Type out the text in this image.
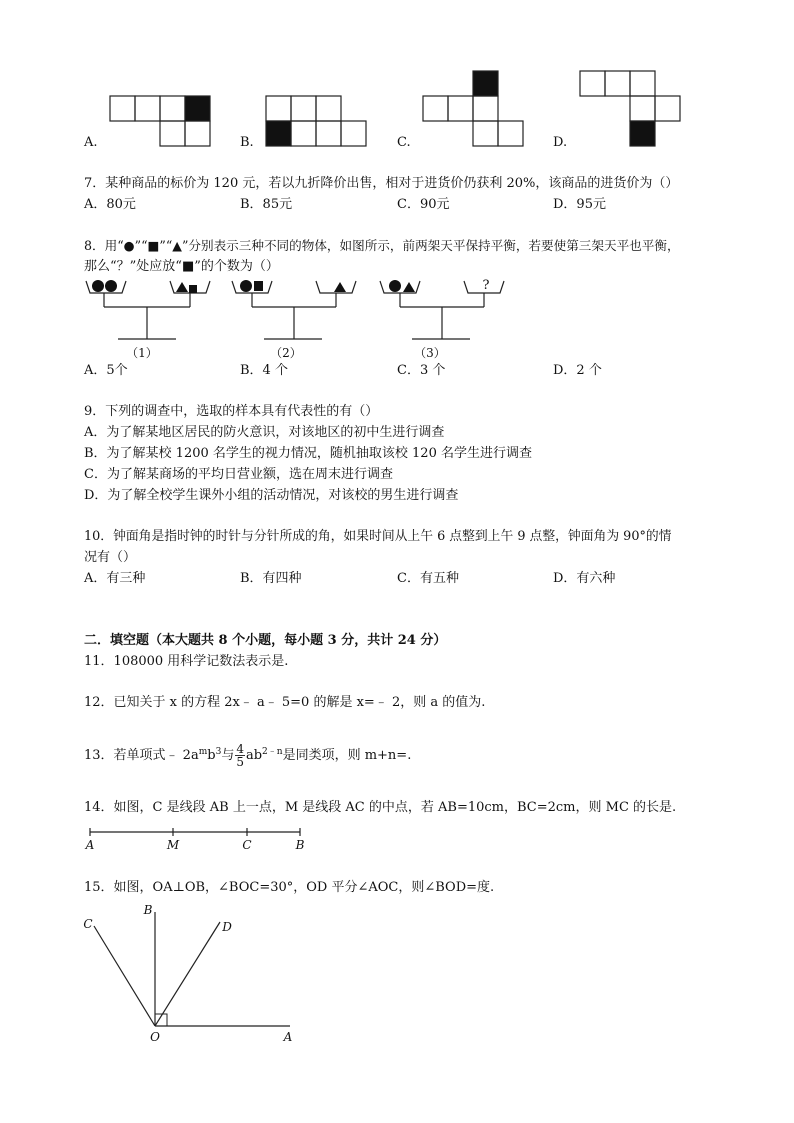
A.	B.	C.	D.
7．某种商品的标价为 120 元，若以九折降价出售，相对于进货价仍获利 20%，该商品的进货价为（）
A．80元	B．85元	C．90元	D．95元
8．用“●”“■”“▲”分别表示三种不同的物体，如图所示，前两架天平保持平衡，若要使第三架天平也平衡，
那么“？”处应放“■”的个数为（）
?
（1）	（2）	（3）
A．5个	B．4 个	C．3 个	D．2 个
9．下列的调查中，选取的样本具有代表性的有（）
A．为了解某地区居民的防火意识，对该地区的初中生进行调查
B．为了解某校 1200 名学生的视力情况，随机抽取该校 120 名学生进行调查
C．为了解某商场的平均日营业额，选在周末进行调查
D．为了解全校学生课外小组的活动情况，对该校的男生进行调查
10．钟面角是指时钟的时针与分针所成的角，如果时间从上午 6 点整到上午 9 点整，钟面角为 90°的情
况有（）
A．有三种	B．有四种	C．有五种	D．有六种
二．填空题（本大题共 8 个小题，每小题 3 分，共计 24 分）
11．108000 用科学记数法表示是.
12．已知关于 x 的方程 2x﹣ a﹣ 5=0 的解是 x=﹣ 2，则 a 的值为.
13．若单项式﹣ $2a^mb^3$与 $\frac{4}{5} ab^{2﹣n}$是同类项，则 m+n=.
14．如图，C 是线段 AB 上一点，M 是线段 AC 的中点，若 AB=10cm，BC=2cm，则 MC 的长是.
A	M	C	B
15．如图，OA⊥OB，∠BOC=30°，OD 平分∠AOC，则∠BOD=度.
B
C	D
O	A
